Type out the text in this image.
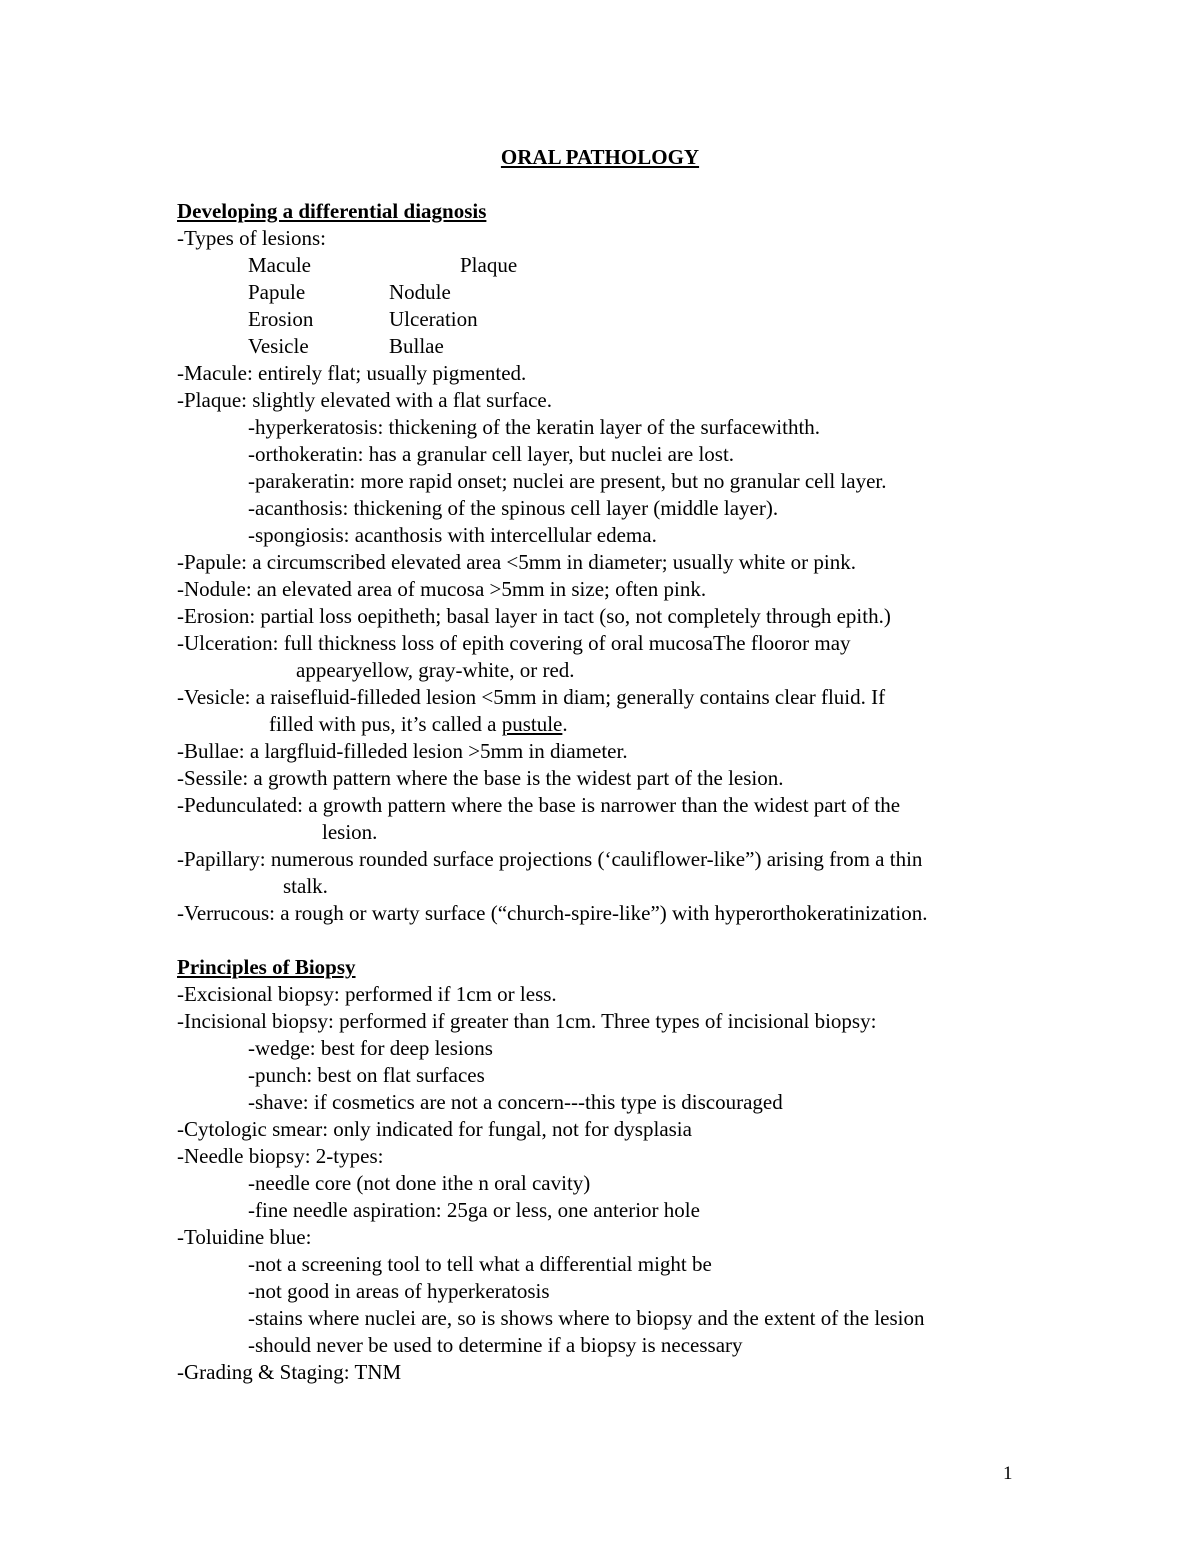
ORAL PATHOLOGY
Developing a differential diagnosis
-Types of lesions:
Macule	Plaque
Papule	Nodule
Erosion	Ulceration
Vesicle	Bullae
-Macule: entirely flat; usually pigmented.
-Plaque: slightly elevated with a flat surface.
-hyperkeratosis: thickening of the keratin layer of the surfacewithth.
-orthokeratin: has a granular cell layer, but nuclei are lost.
-parakeratin: more rapid onset; nuclei are present, but no granular cell layer.
-acanthosis: thickening of the spinous cell layer (middle layer).
-spongiosis: acanthosis with intercellular edema.
-Papule: a circumscribed elevated area <5mm in diameter; usually white or pink.
-Nodule: an elevated area of mucosa >5mm in size; often pink.
-Erosion: partial loss oepitheth; basal layer in tact (so, not completely through epith.)
-Ulceration: full thickness loss of epith covering of oral mucosaThe flooror may
appearyellow, gray-white, or red.
-Vesicle: a raisefluid-filleded lesion <5mm in diam; generally contains clear fluid. If
filled with pus, it’s called a pustule.
-Bullae: a largfluid-filleded lesion >5mm in diameter.
-Sessile: a growth pattern where the base is the widest part of the lesion.
-Pedunculated: a growth pattern where the base is narrower than the widest part of the
lesion.
-Papillary: numerous rounded surface projections (‘cauliflower-like”) arising from a thin
stalk.
-Verrucous: a rough or warty surface (“church-spire-like”) with hyperorthokeratinization.
Principles of Biopsy
-Excisional biopsy: performed if 1cm or less.
-Incisional biopsy: performed if greater than 1cm. Three types of incisional biopsy:
-wedge: best for deep lesions
-punch: best on flat surfaces
-shave: if cosmetics are not a concern---this type is discouraged
-Cytologic smear: only indicated for fungal, not for dysplasia
-Needle biopsy: 2-types:
-needle core (not done ithe n oral cavity)
-fine needle aspiration: 25ga or less, one anterior hole
-Toluidine blue:
-not a screening tool to tell what a differential might be
-not good in areas of hyperkeratosis
-stains where nuclei are, so is shows where to biopsy and the extent of the lesion
-should never be used to determine if a biopsy is necessary
-Grading & Staging: TNM
1
